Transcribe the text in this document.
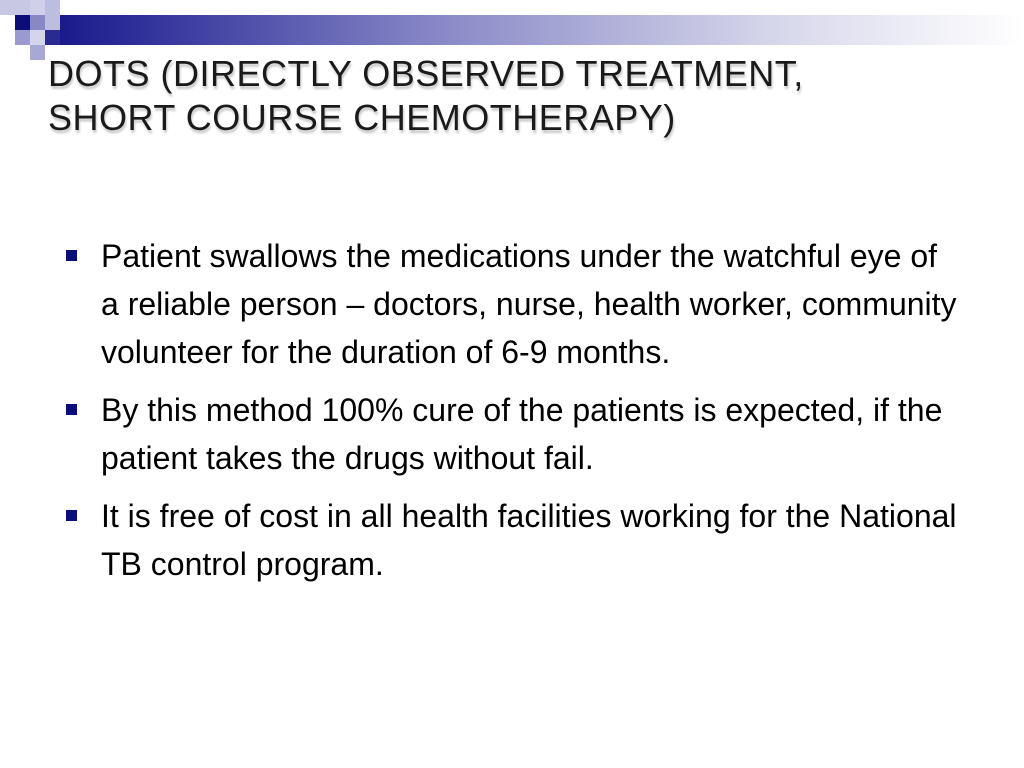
DOTS (DIRECTLY OBSERVED TREATMENT,
SHORT COURSE CHEMOTHERAPY)
Patient swallows the medications under the watchful eye of a reliable person – doctors, nurse, health worker, community volunteer for the duration of 6-9 months.
By this method 100% cure of the patients is expected, if the patient takes the drugs without fail.
It is free of cost in all health facilities working for the National TB control program.
